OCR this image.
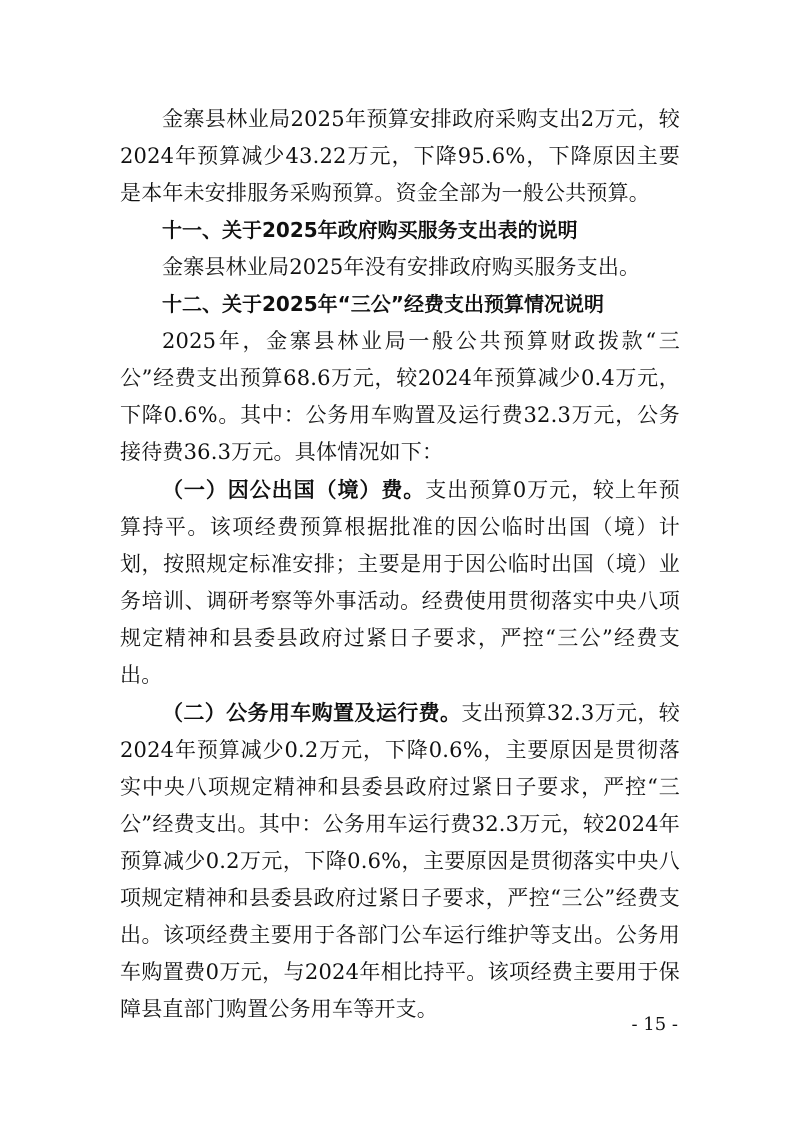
金寨县林业局2025年预算安排政府采购支出2万元，较2024年预算减少43.22万元，下降95.6%，下降原因主要是本年未安排服务采购预算。资金全部为一般公共预算。

十一、关于2025年政府购买服务支出表的说明

金寨县林业局2025年没有安排政府购买服务支出。

十二、关于2025年“三公”经费支出预算情况说明

2025年，金寨县林业局一般公共预算财政拨款“三公”经费支出预算68.6万元，较2024年预算减少0.4万元，下降0.6%。其中：公务用车购置及运行费32.3万元，公务接待费36.3万元。具体情况如下：

（一）因公出国（境）费。支出预算0万元，较上年预算持平。该项经费预算根据批准的因公临时出国（境）计划，按照规定标准安排；主要是用于因公临时出国（境）业务培训、调研考察等外事活动。经费使用贯彻落实中央八项规定精神和县委县政府过紧日子要求，严控“三公”经费支出。

（二）公务用车购置及运行费。支出预算32.3万元，较2024年预算减少0.2万元，下降0.6%，主要原因是贯彻落实中央八项规定精神和县委县政府过紧日子要求，严控“三公”经费支出。其中：公务用车运行费32.3万元，较2024年预算减少0.2万元，下降0.6%，主要原因是贯彻落实中央八项规定精神和县委县政府过紧日子要求，严控“三公”经费支出。该项经费主要用于各部门公车运行维护等支出。公务用车购置费0万元，与2024年相比持平。该项经费主要用于保障县直部门购置公务用车等开支。

- 15 -
